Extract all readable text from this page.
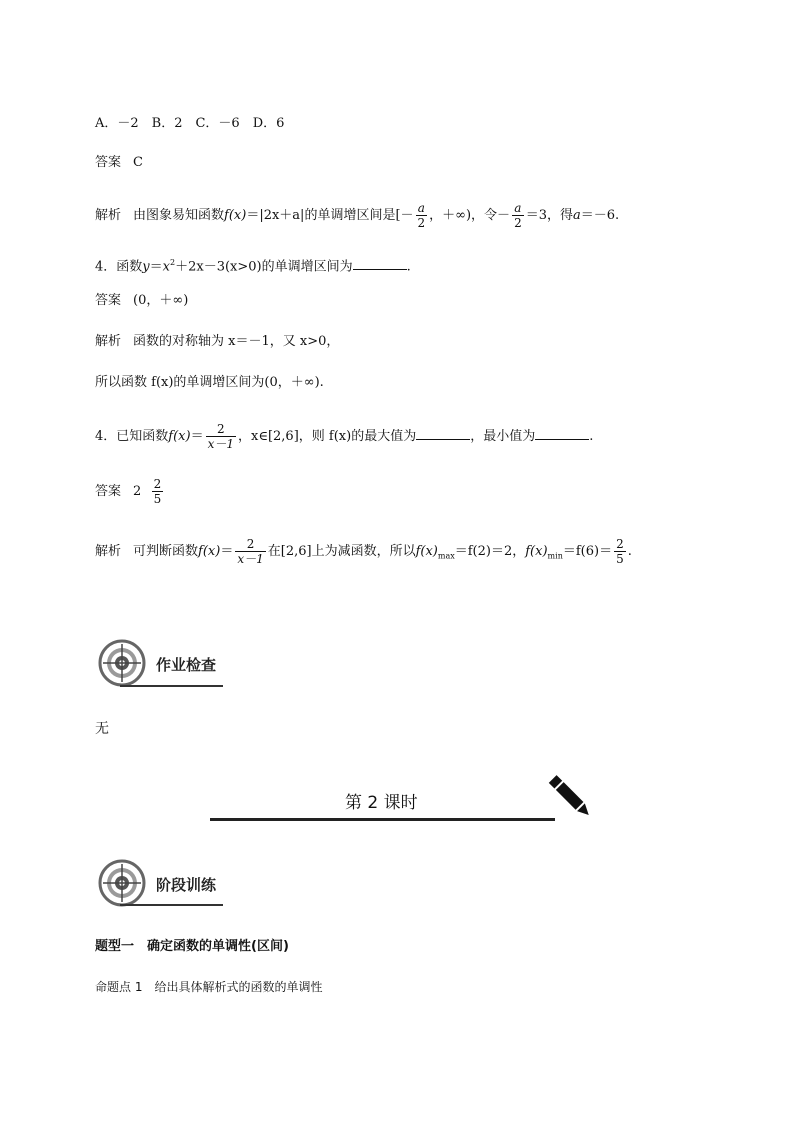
A．－2　B．2　C．－6　D．6
答案 C
解析 由图象易知函数f(x)＝|2x＋a|的单调增区间是[－ $\frac{a}{2}$ ，＋∞)，令－ $\frac{a}{2} =3$，得a＝－6.
4．函数$y=x^2+2x-3(x>0)$的单调增区间为	.
答案 (0，＋∞)
解析 函数的对称轴为 x＝－1，又 x>0，
所以函数 f(x)的单调增区间为(0，＋∞).
4．已知函数$f(x)= \frac{2}{x-1}$ ，x∈[2,6]，则 f(x)的最大值为	，最小值为	.
答案 $2 \frac{2}{5}$
解析 可判断函数$f(x)= \frac{2}{x-1}$ 在[2,6]上为减函数，所以$f(x)_{max}=f(2)=2$，$f(x)_{min}=f(6)= \frac{2}{5}$ .
作业检查
无
第 2 课时
阶段训练
题型一　确定函数的单调性(区间)
命题点 1　给出具体解析式的函数的单调性
